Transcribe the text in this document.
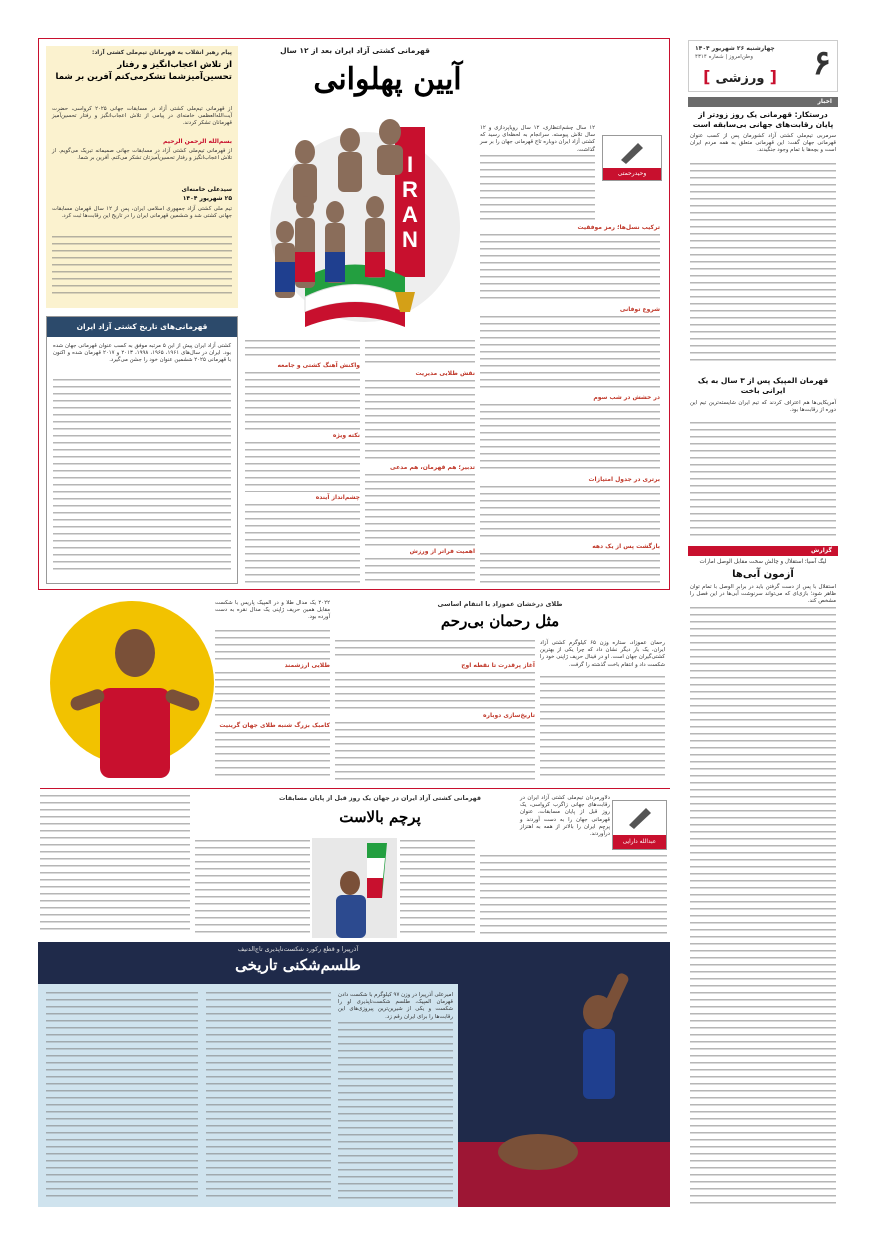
۶
چهارشنبه ۲۶ شهریور ۱۴۰۴
وطن‌امروز | شماره ۴۳۱۴
[ ورزشی ]
اخبار
درستکار: قهرمانی یک روز زودتر از پایان رقابت‌های جهانی بی‌سابقه است
سرمربی تیم‌ملی کشتی آزاد کشورمان پس از کسب عنوان قهرمانی جهان گفت: این قهرمانی متعلق به همه مردم ایران است و بچه‌ها با تمام وجود جنگیدند.
قهرمان المپیک پس از ۳ سال به یک ایرانی باخت
آمریکایی‌ها هم اعتراف کردند که تیم ایران شایسته‌ترین تیم این دوره از رقابت‌ها بود.
گزارش
لیگ آسیا؛ استقلال و چالش سخت مقابل الوصل امارات
آزمون آبی‌ها
استقلال با پس از دست گرفتن باید در برابر الوصل با تمام توان ظاهر شود؛ بازی‌ای که می‌تواند سرنوشت آبی‌ها در این فصل را مشخص کند.
قهرمانی کشتی آزاد ایران بعد از ۱۲ سال
آیین پهلوانی
I
R
A
N
وحید‌رحمتی
۱۲ سال چشم‌انتظاری، ۱۲ سال رویاپردازی و ۱۲ سال تلاش پیوسته. سرانجام به لحظه‌ای رسید که کشتی آزاد ایران دوباره تاج قهرمانی جهان را بر سر گذاشت.
ترکیب نسل‌ها؛ رمز موفقیت
شروع توفانی
در خشش در شب سوم
برتری در جدول امتیازات
بازگشت پس از یک دهه
نقش طلایی مدیریت
تدبیر؛ هم قهرمان، هم مدعی
اهمیت فراتر از ورزش
واکنش آهنگ کشتی و جامعه
نکته ویژه
چشم‌انداز آینده
پیام رهبر انقلاب به قهرمانان تیم‌ملی کشتی آزاد:
از تلاش اعجاب‌انگیز و رفتار تحسین‌آمیزشما تشکرمی‌کنم آفرین بر شما
از قهرمانی تیم‌ملی کشتی آزاد در مسابقات جهانی ۲۰۲۵ کرواسی، حضرت آیت‌الله‌العظمی خامنه‌ای در پیامی از تلاش اعجاب‌انگیز و رفتار تحسین‌آمیز قهرمانان تشکر کردند.
بسم‌الله الرحمن الرحیم
از قهرمانی تیم‌ملی کشتی آزاد در مسابقات جهانی صمیمانه تبریک می‌گویم. از تلاش اعجاب‌انگیز و رفتار تحسین‌آمیزتان تشکر می‌کنم. آفرین بر شما.
سیدعلی خامنه‌ای
۲۵ شهریور ۱۴۰۴
تیم ملی کشتی آزاد جمهوری اسلامی ایران، پس از ۱۲ سال قهرمان مسابقات جهانی کشتی شد و ششمین قهرمانی ایران را در تاریخ این رقابت‌ها ثبت کرد.
قهرمانی‌های تاریخ کشتی آزاد ایران
کشتی آزاد ایران پیش از این ۵ مرتبه موفق به کسب عنوان قهرمانی جهان شده بود. ایران در سال‌های ۱۹۶۱، ۱۹۶۵، ۱۹۹۸، ۲۰۱۳ و ۲۰۱۷ قهرمان شده و اکنون با قهرمانی ۲۰۲۵ ششمین عنوان خود را جشن می‌گیرد.
۲۰۲۲ یک مدال طلا و در المپیک پاریس با شکست مقابل همین حریف ژاپنی یک مدال نقره به دست آورده بود.
طلایی ارزشمند
کامبک بزرگ شنبه طلای جهان گرینیت
طلای درخشان عموزاد با انتقام اساسی
مثل رحمان بی‌رحم
رحمان عموزاد، ستاره وزن ۶۵ کیلوگرم کشتی آزاد ایران، یک بار دیگر نشان داد که چرا یکی از بهترین کشتی‌گیران جهان است. او در فینال حریف ژاپنی خود را شکست داد و انتقام باخت گذشته را گرفت.
آغاز پرقدرت تا نقطه اوج
تاریخ‌سازی دوباره
قهرمانی کشتی آزاد ایران در جهان یک روز قبل از پایان مسابقات
پرچم بالاست
دلاورمردان تیم‌ملی کشتی آزاد ایران در رقابت‌های جهانی زاگرب کرواسی، یک روز قبل از پایان مسابقات، عنوان قهرمانی جهان را به دست آوردند و پرچم ایران را بالاتر از همه به اهتزاز درآوردند.
عبدالله دارایی
آذرپیرا و قطع رکورد شکست‌ناپذیری تاج‌الدنیف
طلسم‌شکنی تاریخی
امیرعلی آذرپیرا در وزن ۹۷ کیلوگرم با شکست دادن قهرمان المپیک، طلسم شکست‌ناپذیری او را شکست و یکی از شیرین‌ترین پیروزی‌های این رقابت‌ها را برای ایران رقم زد.
